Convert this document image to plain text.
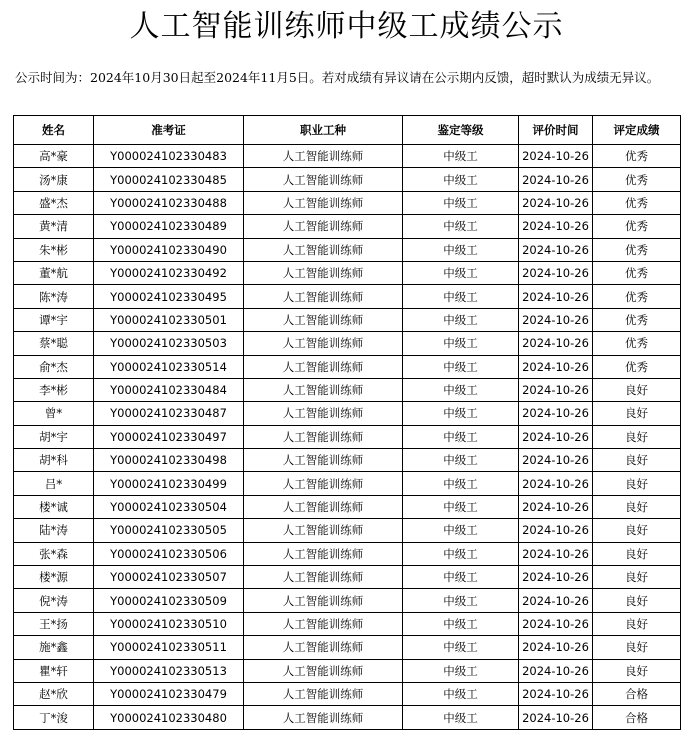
人工智能训练师中级工成绩公示

公示时间为：2024年10月30日起至2024年11月5日。若对成绩有异议请在公示期内反馈，超时默认为成绩无异议。

姓名	准考证	职业工种	鉴定等级	评价时间	评定成绩
高*豪	Y000024102330483	人工智能训练师	中级工	2024-10-26	优秀
汤*康	Y000024102330485	人工智能训练师	中级工	2024-10-26	优秀
盛*杰	Y000024102330488	人工智能训练师	中级工	2024-10-26	优秀
黄*清	Y000024102330489	人工智能训练师	中级工	2024-10-26	优秀
朱*彬	Y000024102330490	人工智能训练师	中级工	2024-10-26	优秀
董*航	Y000024102330492	人工智能训练师	中级工	2024-10-26	优秀
陈*涛	Y000024102330495	人工智能训练师	中级工	2024-10-26	优秀
谭*宇	Y000024102330501	人工智能训练师	中级工	2024-10-26	优秀
蔡*聪	Y000024102330503	人工智能训练师	中级工	2024-10-26	优秀
俞*杰	Y000024102330514	人工智能训练师	中级工	2024-10-26	优秀
李*彬	Y000024102330484	人工智能训练师	中级工	2024-10-26	良好
曾*	Y000024102330487	人工智能训练师	中级工	2024-10-26	良好
胡*宇	Y000024102330497	人工智能训练师	中级工	2024-10-26	良好
胡*科	Y000024102330498	人工智能训练师	中级工	2024-10-26	良好
吕*	Y000024102330499	人工智能训练师	中级工	2024-10-26	良好
楼*诚	Y000024102330504	人工智能训练师	中级工	2024-10-26	良好
陆*涛	Y000024102330505	人工智能训练师	中级工	2024-10-26	良好
张*森	Y000024102330506	人工智能训练师	中级工	2024-10-26	良好
楼*源	Y000024102330507	人工智能训练师	中级工	2024-10-26	良好
倪*涛	Y000024102330509	人工智能训练师	中级工	2024-10-26	良好
王*扬	Y000024102330510	人工智能训练师	中级工	2024-10-26	良好
施*鑫	Y000024102330511	人工智能训练师	中级工	2024-10-26	良好
瞿*轩	Y000024102330513	人工智能训练师	中级工	2024-10-26	良好
赵*欣	Y000024102330479	人工智能训练师	中级工	2024-10-26	合格
丁*浚	Y000024102330480	人工智能训练师	中级工	2024-10-26	合格
